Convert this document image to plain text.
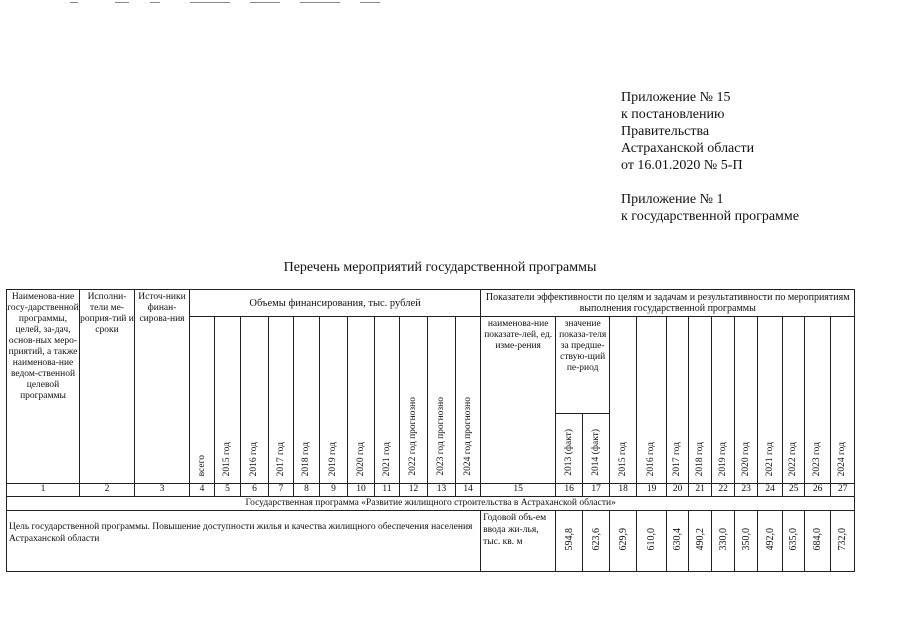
Приложение № 15
к постановлению
Правительства
Астраханской области
от 16.01.2020 № 5-П
Приложение № 1
к государственной программе
Перечень мероприятий государственной программы
Наименова-ние госу-дарственной программы, целей, за-дач, основ-ных меро-приятий, а также наименова-ние ведом-ственной целевой программы	Исполни-тели ме-роприя-тий и сроки	Источ-ники финан-сирова-ния	Объемы финансирования, тыс. рублей											Показатели эффективности по целям и задачам и результативности по мероприятиям выполнения государственной программы												
			всего	2015 год	2016 год	2017 год	2018 год	2019 год	2020 год	2021 год	2022 год прогнозно	2023 год прогнозно	2024 год прогнозно	наименова-ние показате-лей, ед. изме-рения	значение показа-теля за предше-ствую-щий пе-риод		2015 год	2016 год	2017 год	2018 год	2019 год	2020 год	2021 год	2022 год	2023 год	2024 год
															2013 (факт)	2014 (факт)										
1	2	3	4	5	6	7	8	9	10	11	12	13	14	15	16	17	18	19	20	21	22	23	24	25	26	27
Государственная программа «Развитие жилищного строительства в Астраханской области»																										
Цель государственной программы. Повышение доступности жилья и качества жилищного обеспечения населения Астраханской области														Годовой объ-ем ввода жи-лья, тыс. кв. м	594,8	623,6	629,9	610,0	630,4	490,2	330,0	350,0	492,0	635,0	684,0	732,0
